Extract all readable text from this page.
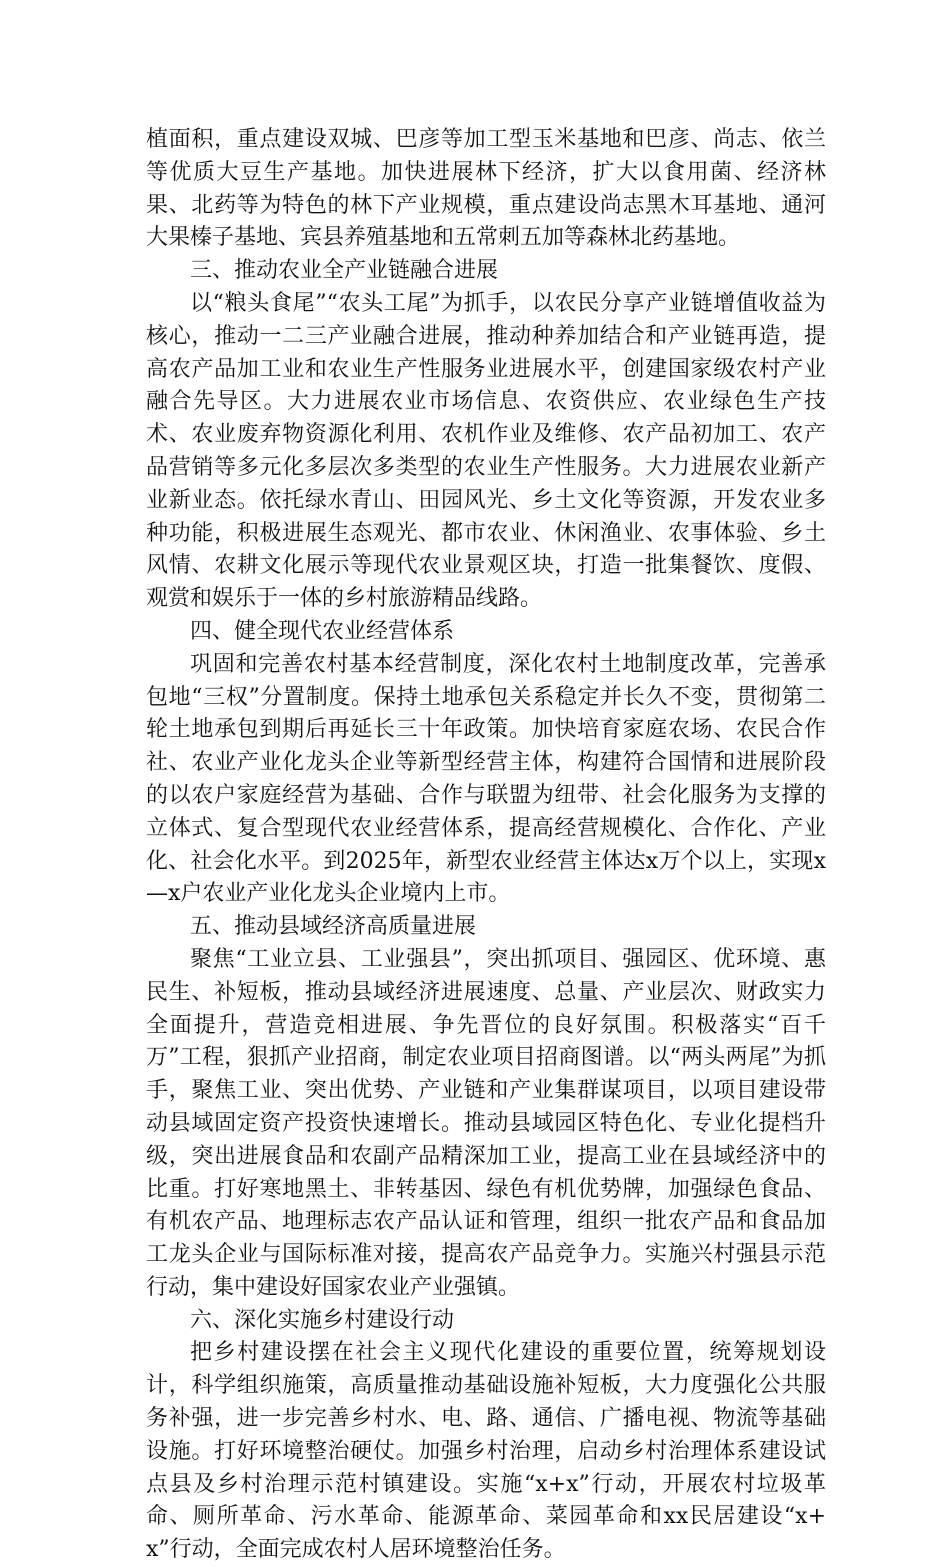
植面积，重点建设双城、巴彦等加工型玉米基地和巴彦、尚志、依兰等优质大豆生产基地。加快进展林下经济，扩大以食用菌、经济林果、北药等为特色的林下产业规模，重点建设尚志黑木耳基地、通河大果榛子基地、宾县养殖基地和五常刺五加等森林北药基地。

三、推动农业全产业链融合进展

以“粮头食尾”“农头工尾”为抓手，以农民分享产业链增值收益为核心，推动一二三产业融合进展，推动种养加结合和产业链再造，提高农产品加工业和农业生产性服务业进展水平，创建国家级农村产业融合先导区。大力进展农业市场信息、农资供应、农业绿色生产技术、农业废弃物资源化利用、农机作业及维修、农产品初加工、农产品营销等多元化多层次多类型的农业生产性服务。大力进展农业新产业新业态。依托绿水青山、田园风光、乡土文化等资源，开发农业多种功能，积极进展生态观光、都市农业、休闲渔业、农事体验、乡土风情、农耕文化展示等现代农业景观区块，打造一批集餐饮、度假、观赏和娱乐于一体的乡村旅游精品线路。

四、健全现代农业经营体系

巩固和完善农村基本经营制度，深化农村土地制度改革，完善承包地“三权”分置制度。保持土地承包关系稳定并长久不变，贯彻第二轮土地承包到期后再延长三十年政策。加快培育家庭农场、农民合作社、农业产业化龙头企业等新型经营主体，构建符合国情和进展阶段的以农户家庭经营为基础、合作与联盟为纽带、社会化服务为支撑的立体式、复合型现代农业经营体系，提高经营规模化、合作化、产业化、社会化水平。到2025年，新型农业经营主体达x万个以上，实现x—x户农业产业化龙头企业境内上市。

五、推动县域经济高质量进展

聚焦“工业立县、工业强县”，突出抓项目、强园区、优环境、惠民生、补短板，推动县域经济进展速度、总量、产业层次、财政实力全面提升，营造竞相进展、争先晋位的良好氛围。积极落实“百千万”工程，狠抓产业招商，制定农业项目招商图谱。以“两头两尾”为抓手，聚焦工业、突出优势、产业链和产业集群谋项目，以项目建设带动县域固定资产投资快速增长。推动县域园区特色化、专业化提档升级，突出进展食品和农副产品精深加工业，提高工业在县域经济中的比重。打好寒地黑土、非转基因、绿色有机优势牌，加强绿色食品、有机农产品、地理标志农产品认证和管理，组织一批农产品和食品加工龙头企业与国际标准对接，提高农产品竞争力。实施兴村强县示范行动，集中建设好国家农业产业强镇。

六、深化实施乡村建设行动

把乡村建设摆在社会主义现代化建设的重要位置，统筹规划设计，科学组织施策，高质量推动基础设施补短板，大力度强化公共服务补强，进一步完善乡村水、电、路、通信、广播电视、物流等基础设施。打好环境整治硬仗。加强乡村治理，启动乡村治理体系建设试点县及乡村治理示范村镇建设。实施“x+x”行动，开展农村垃圾革命、厕所革命、污水革命、能源革命、菜园革命和xx民居建设“x+x”行动，全面完成农村人居环境整治任务。
